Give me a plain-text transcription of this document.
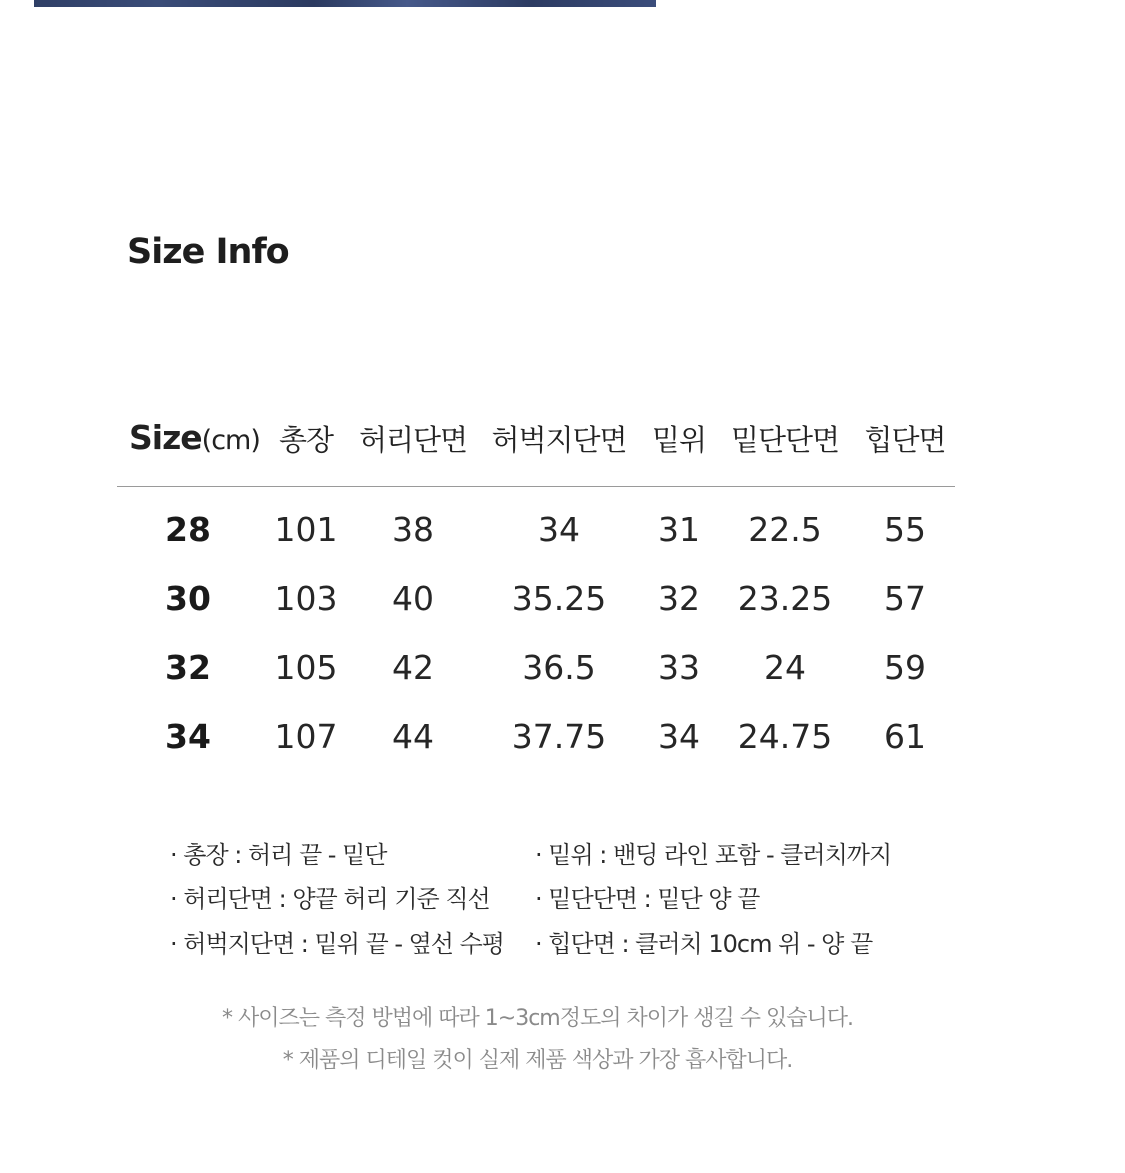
Size Info
Size(cm) 총장 허리단면 허벅지단면 밑위 밑단단면 힙단면
28 101 38	34 31 22.5 55
30 103 40 35.25 32 23.25 57
32 105 42	36.5 33 24 59
34 107 44 37.75 34 24.75 61
· 총장 : 허리 끝 - 밑단
· 허리단면 : 양끝 허리 기준 직선
· 허벅지단면 : 밑위 끝 - 옆선 수평
· 밑위 : 밴딩 라인 포함 - 클러치까지
· 밑단단면 : 밑단 양 끝
· 힙단면 : 클러치 10cm 위 - 양 끝
* 사이즈는 측정 방법에 따라 1~3cm정도의 차이가 생길 수 있습니다.
* 제품의 디테일 컷이 실제 제품 색상과 가장 흡사합니다.
